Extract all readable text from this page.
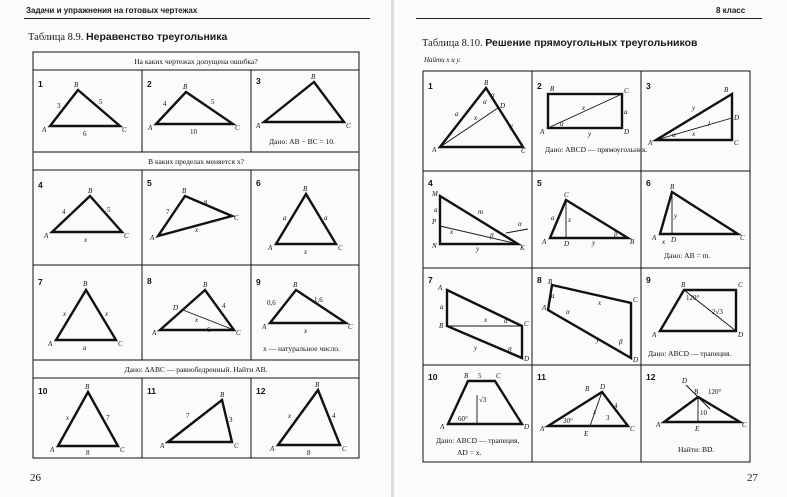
Задачи и упражнения на готовых чертежах
Таблица 8.9. Неравенство треугольника
26
8 класс
Таблица 8.10. Решение прямоугольных треугольников
27
На каких чертежах допущена ошибка?
В каких пределах меняется x?
Дано: ΔABC — равнобедренный. Найти AB.
1	B
A	C
3	5
6
2	B
A	C
4	5
10
3	B
A	C
Дано: AB − BC = 10.
4
B
A	C
4	5
x
5
B
A
C
7
8
x
6
B
A	C
a	a
x
7	B
A	C
x	x
a
8	B
A	C
D	4
6
x
9	B
A	C
0,6	1,6
x
x — натуральное число.
10	B
A	C
x	7
8
11	B
A	C
7	3
12
B
A	C
x	4
8
Найти x и y.
1	B
A	C
D
α
α
a x
y
2 B	C
A	D
x
y
a
α
Дано: ABCD — прямоугольник.
3	B
C
A
D
y
x
l
α
4
M
P
N	K
m
α
β
a
x
y
5
C
A	D	B
x
y
a
β
6	B
A	C
D
x
y
Дано: AB = m.
7
A
C
B
D
a
x
y
α
β
8
A
B
C
D
a
x
y
α
β
9	B	C
A	D
120°
2√3
Дано: ABCD — трапеция.
10	B	C
A	D
5
√3
60°
Дано: ABCD — трапеция,
AD = x.
11
D
B
A
E
C
30°
x
4
3
12	D
B
A	C
E
120°
10
Найти: BD.
